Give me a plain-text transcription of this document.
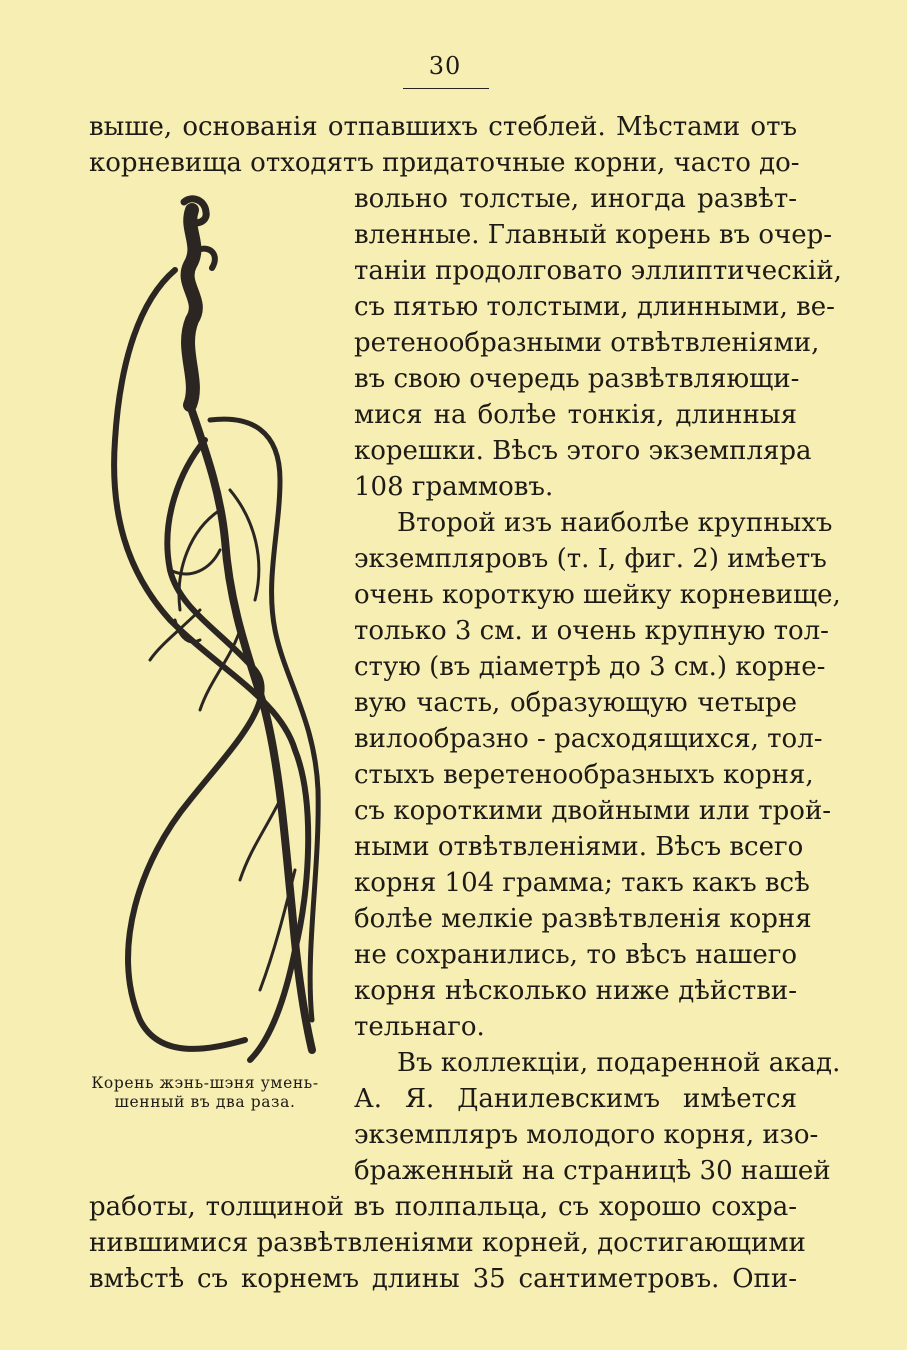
30
выше, основанія отпавшихъ стеблей. Мѣстами отъ
корневища отходятъ придаточные корни, часто до-
вольно толстые, иногда развѣт-
вленные. Главный корень въ очер-
таніи продолговато эллиптическій,
съ пятью толстыми, длинными, ве-
ретенообразными отвѣтвленіями,
въ свою очередь развѣтвляющи-
мися на болѣе тонкія, длинныя
корешки. Вѣсъ этого экземпляра
108 граммовъ.
Второй изъ наиболѣе крупныхъ
экземпляровъ (т. I, фиг. 2) имѣетъ
очень короткую шейку корневище,
только 3 см. и очень крупную тол-
стую (въ діаметрѣ до 3 см.) корне-
вую часть, образующую четыре
вилообразно - расходящихся, тол-
стыхъ веретенообразныхъ корня,
съ короткими двойными или трой-
ными отвѣтвленіями. Вѣсъ всего
корня 104 грамма; такъ какъ всѣ
болѣе мелкіе развѣтвленія корня
не сохранились, то вѣсъ нашего
корня нѣсколько ниже дѣйстви-
тельнаго.
Въ коллекціи, подаренной акад.
А. Я. Данилевскимъ имѣется
экземпляръ молодого корня, изо-
браженный на страницѣ 30 нашей
работы, толщиной въ полпальца, съ хорошо сохра-
нившимися развѣтвленіями корней, достигающими
вмѣстѣ съ корнемъ длины 35 сантиметровъ. Опи-
Корень жэнь-шэня умень-
шенный въ два раза.
